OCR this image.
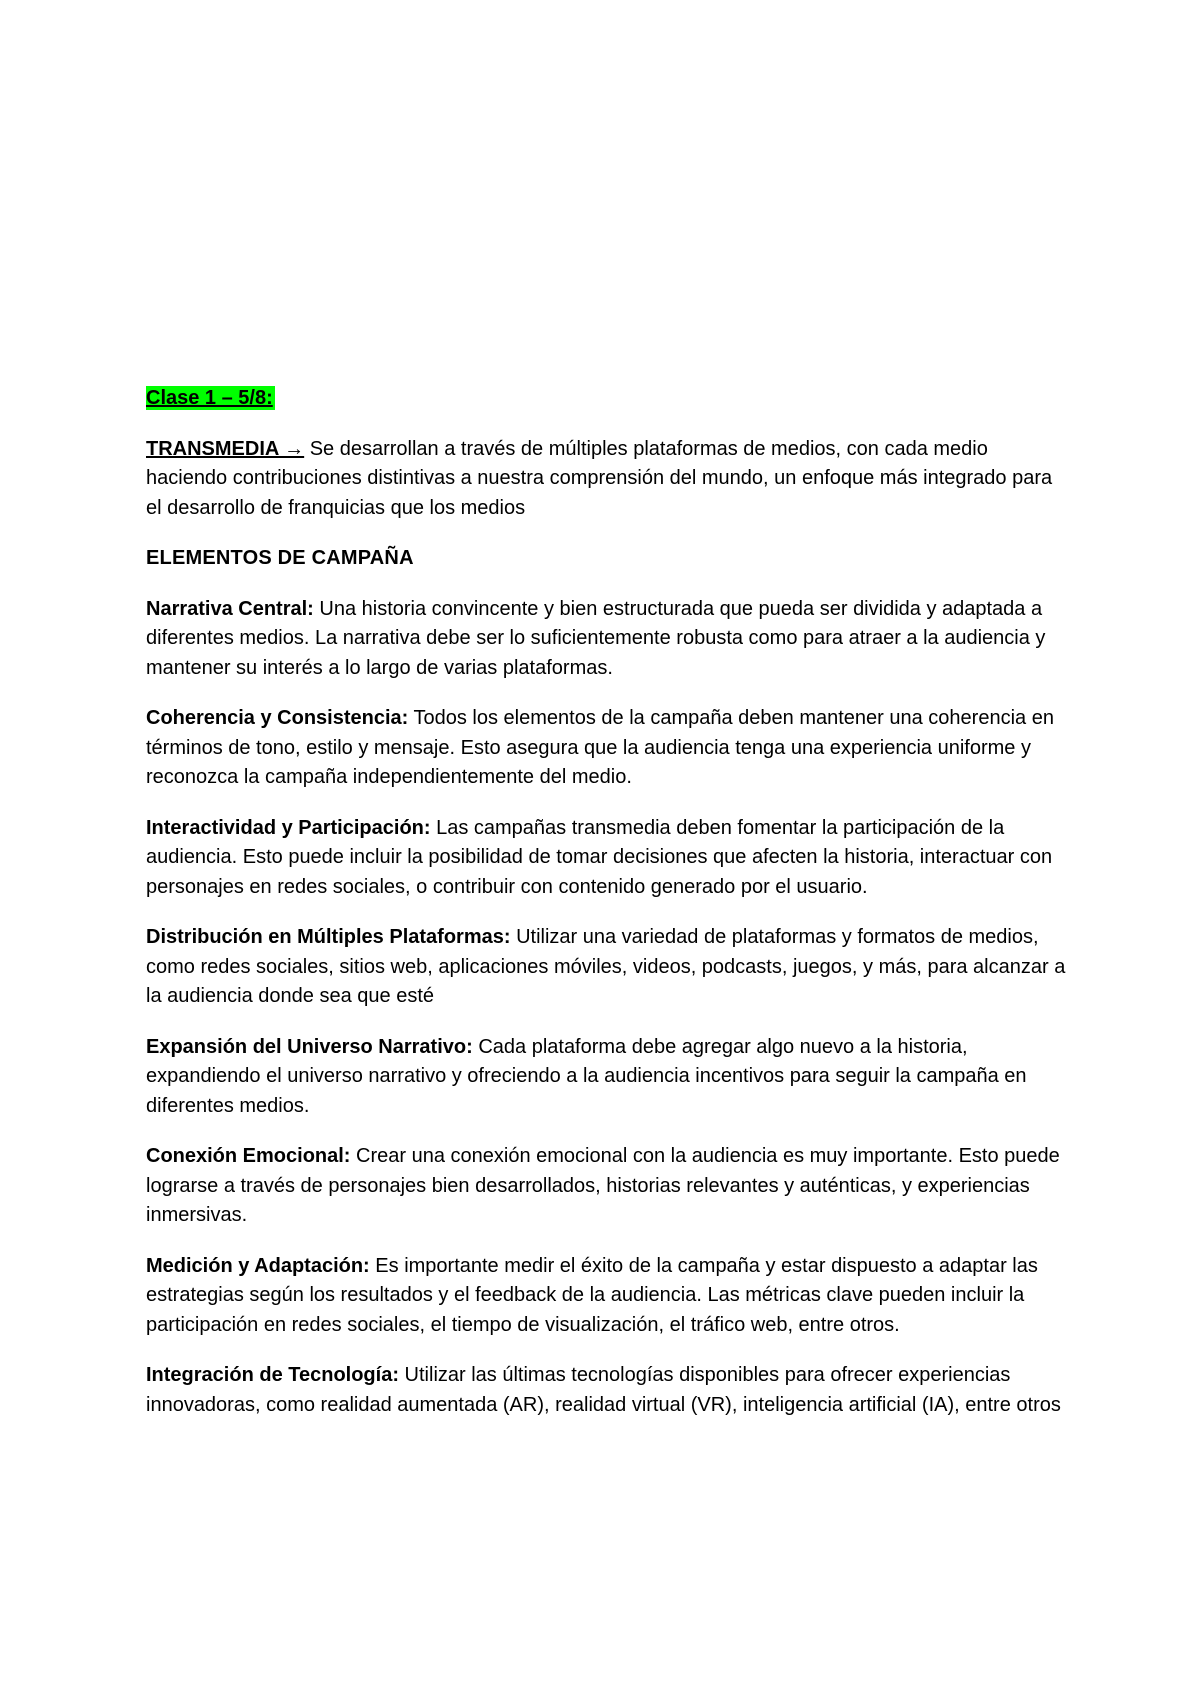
Clase 1 – 5/8:

TRANSMEDIA → Se desarrollan a través de múltiples plataformas de medios, con cada medio haciendo contribuciones distintivas a nuestra comprensión del mundo, un enfoque más integrado para el desarrollo de franquicias que los medios

ELEMENTOS DE CAMPAÑA

Narrativa Central: Una historia convincente y bien estructurada que pueda ser dividida y adaptada a diferentes medios. La narrativa debe ser lo suficientemente robusta como para atraer a la audiencia y mantener su interés a lo largo de varias plataformas.

Coherencia y Consistencia: Todos los elementos de la campaña deben mantener una coherencia en términos de tono, estilo y mensaje. Esto asegura que la audiencia tenga una experiencia uniforme y reconozca la campaña independientemente del medio.

Interactividad y Participación: Las campañas transmedia deben fomentar la participación de la audiencia. Esto puede incluir la posibilidad de tomar decisiones que afecten la historia, interactuar con personajes en redes sociales, o contribuir con contenido generado por el usuario.

Distribución en Múltiples Plataformas: Utilizar una variedad de plataformas y formatos de medios, como redes sociales, sitios web, aplicaciones móviles, videos, podcasts, juegos, y más, para alcanzar a la audiencia donde sea que esté

Expansión del Universo Narrativo: Cada plataforma debe agregar algo nuevo a la historia, expandiendo el universo narrativo y ofreciendo a la audiencia incentivos para seguir la campaña en diferentes medios.

Conexión Emocional: Crear una conexión emocional con la audiencia es muy importante. Esto puede lograrse a través de personajes bien desarrollados, historias relevantes y auténticas, y experiencias inmersivas.

Medición y Adaptación: Es importante medir el éxito de la campaña y estar dispuesto a adaptar las estrategias según los resultados y el feedback de la audiencia. Las métricas clave pueden incluir la participación en redes sociales, el tiempo de visualización, el tráfico web, entre otros.

Integración de Tecnología: Utilizar las últimas tecnologías disponibles para ofrecer experiencias innovadoras, como realidad aumentada (AR), realidad virtual (VR), inteligencia artificial (IA), entre otros
